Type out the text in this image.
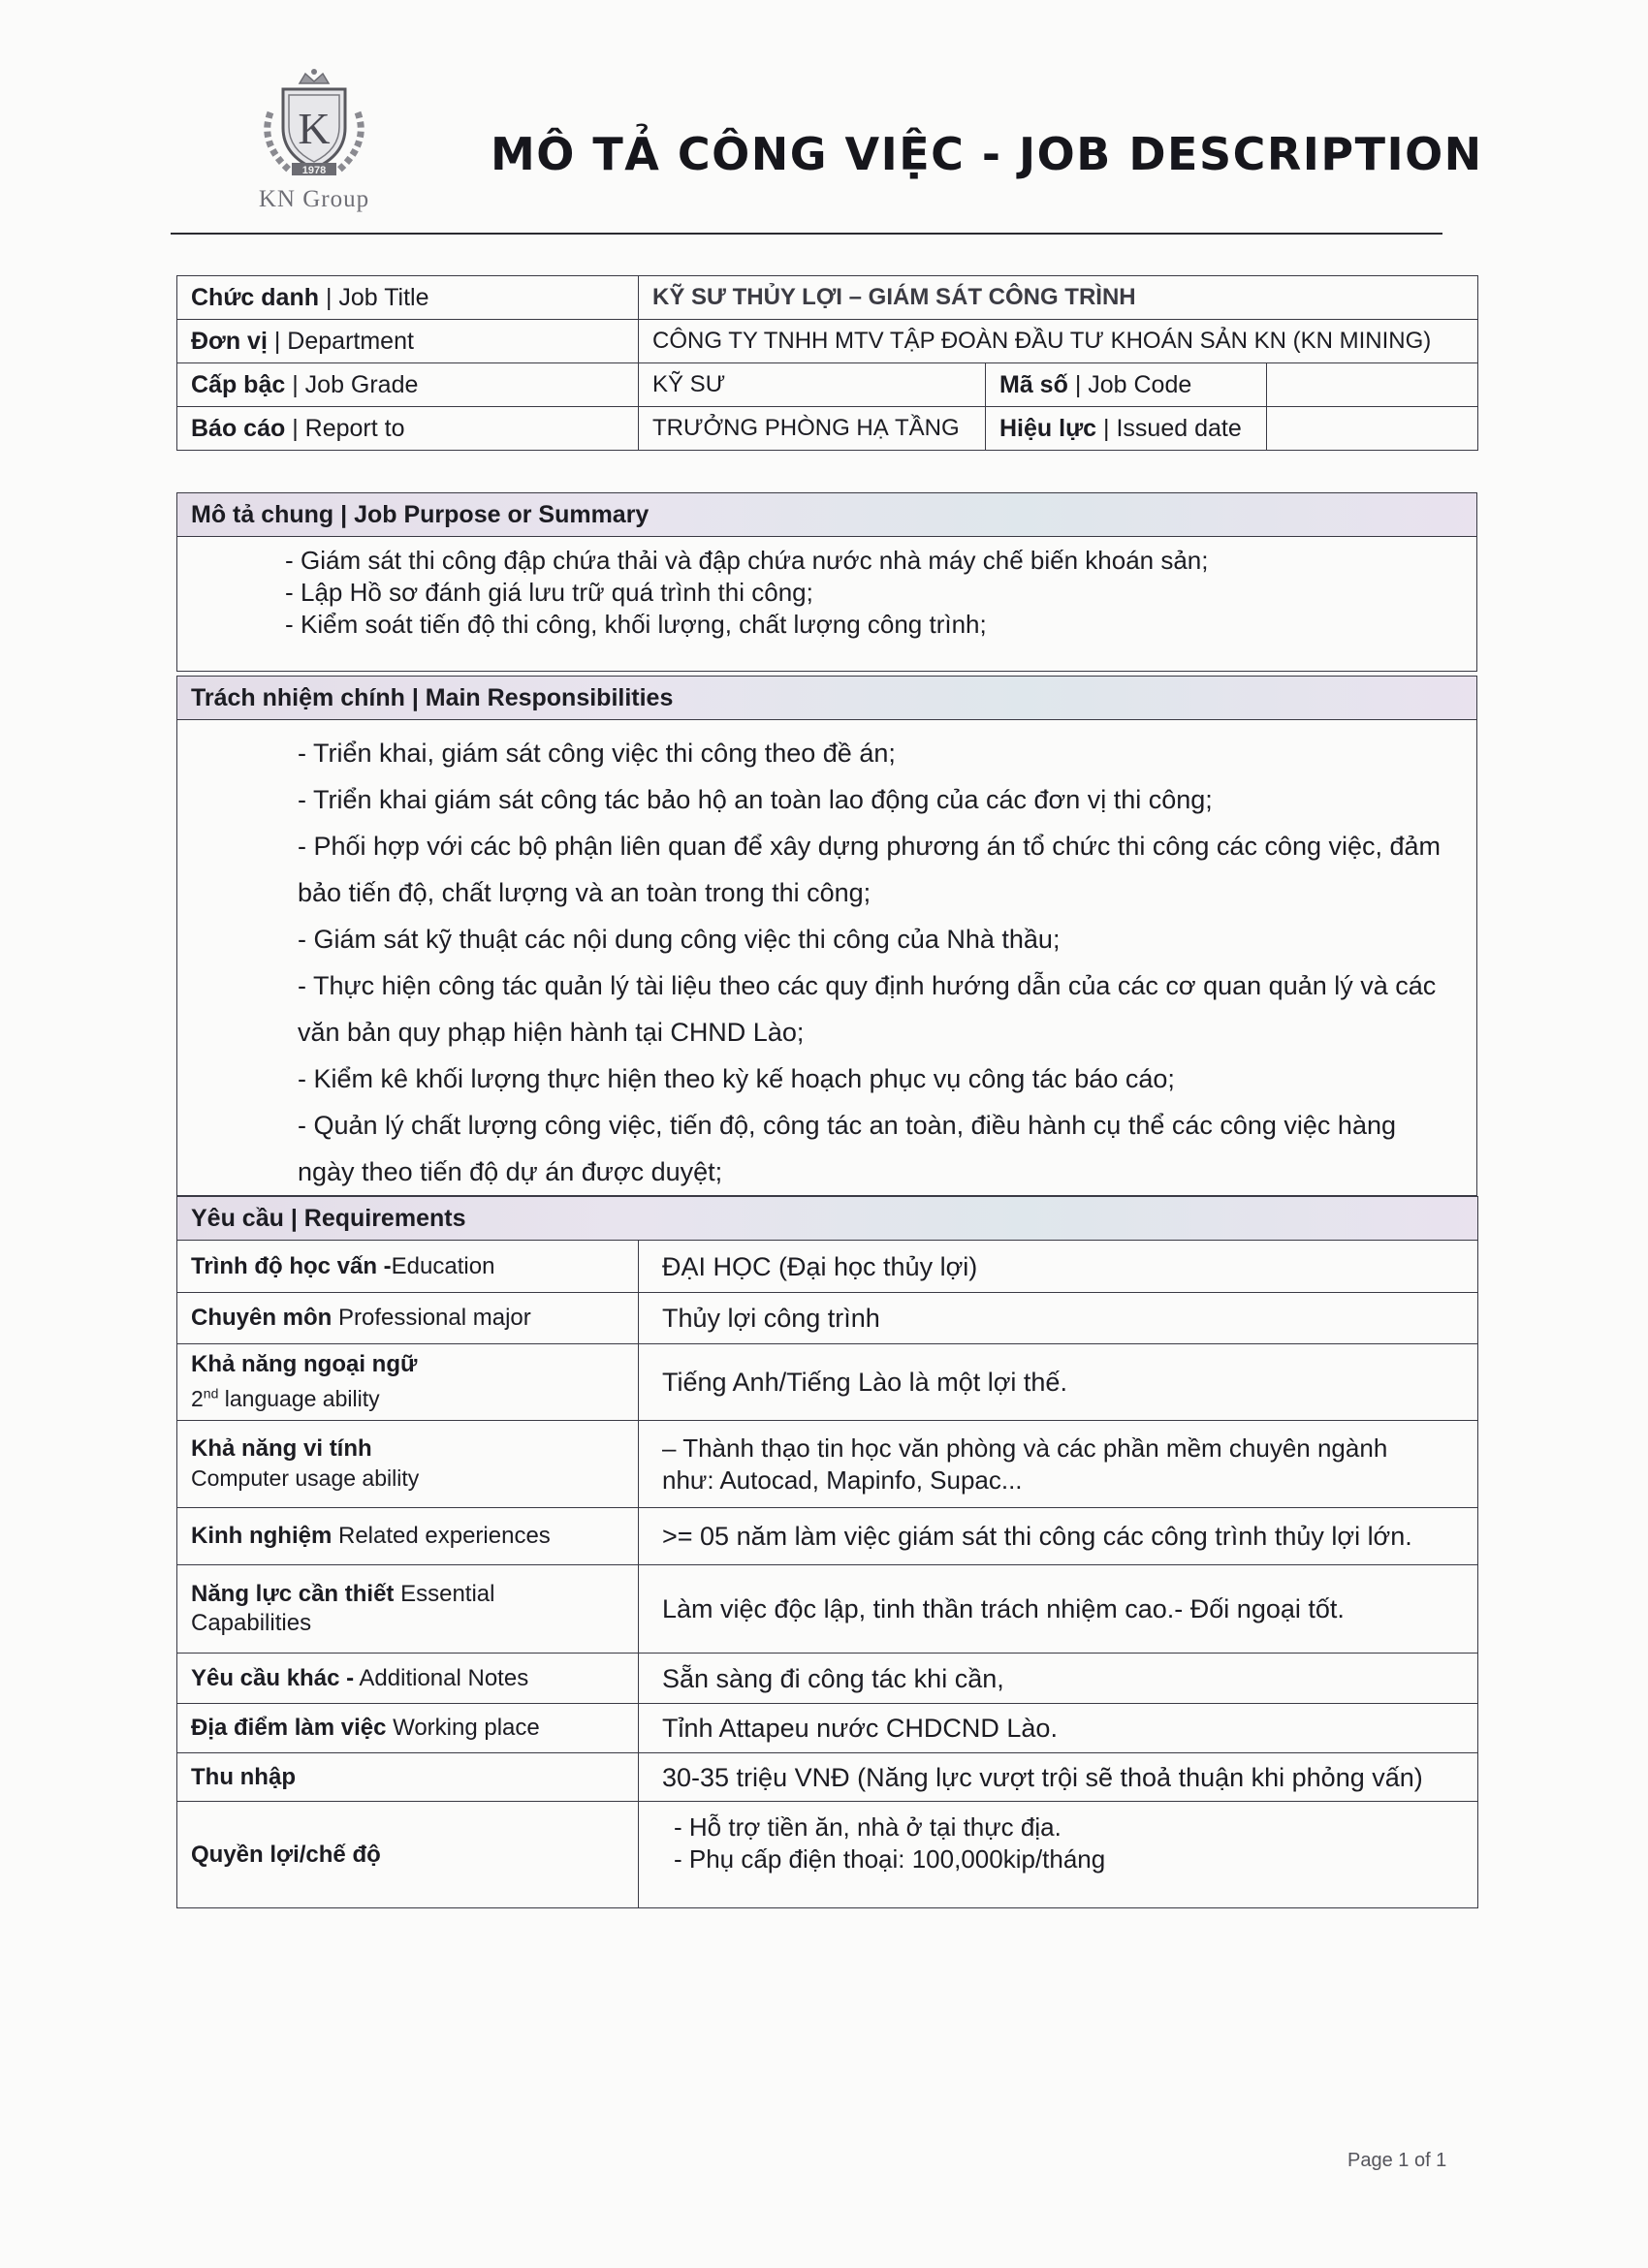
K
1978
KN Group
MÔ TẢ CÔNG VIỆC - JOB DESCRIPTION
Chức danh | Job Title	KỸ SƯ THỦY LỢI – GIÁM SÁT CÔNG TRÌNH		
Đơn vị | Department	CÔNG TY TNHH MTV TẬP ĐOÀN ĐẦU TƯ KHOÁN SẢN KN (KN MINING)		
Cấp bậc | Job Grade	KỸ SƯ	Mã số | Job Code	
Báo cáo | Report to	TRƯỞNG PHÒNG HẠ TẦNG	Hiệu lực | Issued date	
Mô tả chung | Job Purpose or Summary

- Giám sát thi công đập chứa thải và đập chứa nước nhà máy chế biến khoán sản;
- Lập Hồ sơ đánh giá lưu trữ quá trình thi công;
- Kiểm soát tiến độ thi công, khối lượng, chất lượng công trình;
Trách nhiệm chính | Main Responsibilities

- Triển khai, giám sát công việc thi công theo đề án;
- Triển khai giám sát công tác bảo hộ an toàn lao động của các đơn vị thi công;
- Phối hợp với các bộ phận liên quan để xây dựng phương án tổ chức thi công các công việc, đảm bảo tiến độ, chất lượng và an toàn trong thi công;
- Giám sát kỹ thuật các nội dung công việc thi công của Nhà thầu;
- Thực hiện công tác quản lý tài liệu theo các quy định hướng dẫn của các cơ quan quản lý và các văn bản quy phạp hiện hành tại CHND Lào;
- Kiểm kê khối lượng thực hiện theo kỳ kế hoạch phục vụ công tác báo cáo;
- Quản lý chất lượng công việc, tiến độ, công tác an toàn, điều hành cụ thể các công việc hàng ngày theo tiến độ dự án được duyệt;
Yêu cầu | Requirements	
Trình độ học vấn -Education	ĐẠI HỌC (Đại học thủy lợi)
Chuyên môn Professional major	Thủy lợi công trình
Khả năng ngoại ngữ
2nd language ability	Tiếng Anh/Tiếng Lào là một lợi thế.
Khả năng vi tính
Computer usage ability	– Thành thạo tin học văn phòng và các phần mềm chuyên ngành
như: Autocad, Mapinfo, Supac...
Kinh nghiệm Related experiences	>= 05 năm làm việc giám sát thi công các công trình thủy lợi lớn.
Năng lực cần thiết Essential
Capabilities	Làm việc độc lập, tinh thần trách nhiệm cao.- Đối ngoại tốt.
Yêu cầu khác - Additional Notes	Sẵn sàng đi công tác khi cần,
Địa điểm làm việc Working place	Tỉnh Attapeu nước CHDCND Lào.
Thu nhập	30-35 triệu VNĐ (Năng lực vượt trội sẽ thoả thuận khi phỏng vấn)
Quyền lợi/chế độ	- Hỗ trợ tiền ăn, nhà ở tại thực địa.
- Phụ cấp điện thoại: 100,000kip/tháng
Page 1 of 1
